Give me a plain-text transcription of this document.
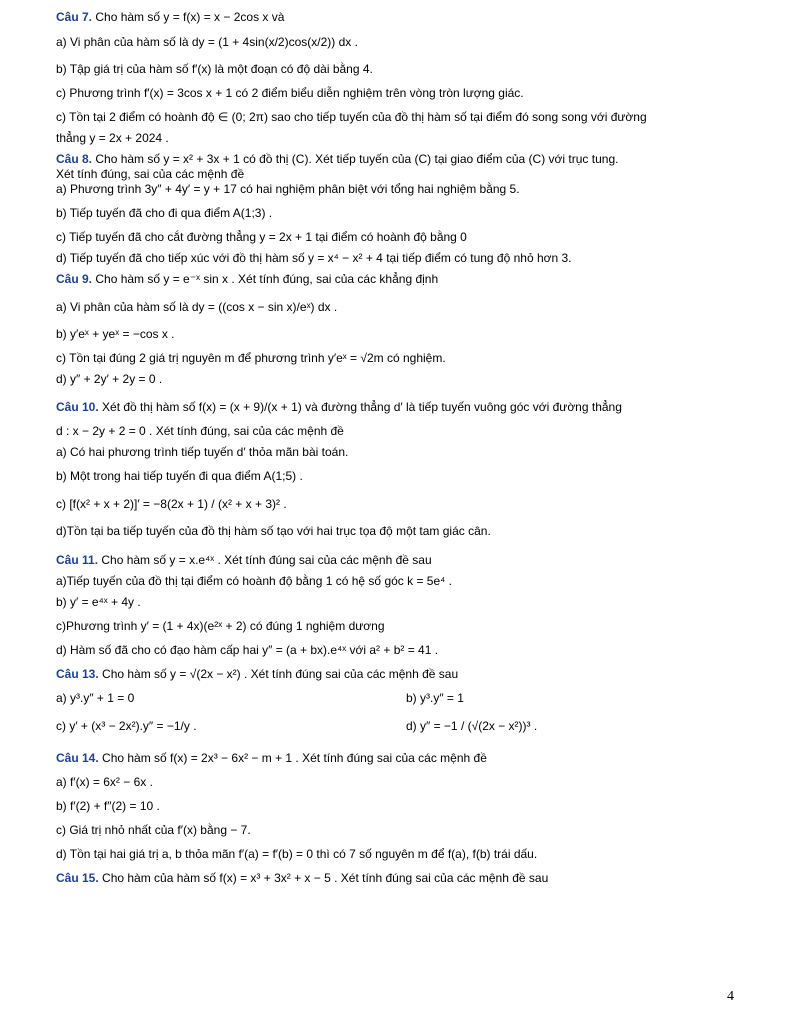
Câu 7. Cho hàm số y = f(x) = x − 2cos x và

a) Vi phân của hàm số là dy = (1 + 4sin(x/2)cos(x/2)) dx .

b) Tập giá trị của hàm số f′(x) là một đoạn có độ dài bằng 4.

c) Phương trình f′(x) = 3cos x + 1 có 2 điểm biểu diễn nghiệm trên vòng tròn lượng giác.

c) Tồn tại 2 điểm có hoành độ ∈ (0; 2π) sao cho tiếp tuyến của đồ thị hàm số tại điểm đó song song với đường

thẳng y = 2x + 2024 .

Câu 8. Cho hàm số y = x² + 3x + 1 có đồ thị (C). Xét tiếp tuyến của (C) tại giao điểm của (C) với trục tung.

Xét tính đúng, sai của các mệnh đề

a) Phương trình 3y″ + 4y′ = y + 17 có hai nghiệm phân biệt với tổng hai nghiệm bằng 5.

b) Tiếp tuyến đã cho đi qua điểm A(1;3) .

c) Tiếp tuyến đã cho cắt đường thẳng y = 2x + 1 tại điểm có hoành độ bằng 0

d) Tiếp tuyến đã cho tiếp xúc với đồ thị hàm số y = x⁴ − x² + 4 tại tiếp điểm có tung độ nhỏ hơn 3.

Câu 9. Cho hàm số y = e⁻ˣ sin x . Xét tính đúng, sai của các khẳng định

a) Vi phân của hàm số là dy = ((cos x − sin x)/eˣ) dx .

b) y′eˣ + yeˣ = −cos x .

c) Tồn tại đúng 2 giá trị nguyên m để phương trình y′eˣ = √2m có nghiệm.

d) y″ + 2y′ + 2y = 0 .

Câu 10. Xét đồ thị hàm số f(x) = (x + 9)/(x + 1) và đường thẳng d′ là tiếp tuyến vuông góc với đường thẳng

d : x − 2y + 2 = 0 . Xét tính đúng, sai của các mệnh đề

a) Có hai phương trình tiếp tuyến d′ thỏa mãn bài toán.

b) Một trong hai tiếp tuyến đi qua điểm A(1;5) .

c) [f(x² + x + 2)]′ = −8(2x + 1) / (x² + x + 3)² .

d)Tồn tại ba tiếp tuyến của đồ thị hàm số tạo với hai trục tọa độ một tam giác cân.

Câu 11. Cho hàm số y = x.e⁴ˣ . Xét tính đúng sai của các mệnh đề sau

a)Tiếp tuyến của đồ thị tại điểm có hoành độ bằng 1 có hệ số góc k = 5e⁴ .

b) y′ = e⁴ˣ + 4y .

c)Phương trình y′ = (1 + 4x)(e²ˣ + 2) có đúng 1 nghiệm dương

d) Hàm số đã cho có đạo hàm cấp hai y″ = (a + bx).e⁴ˣ với a² + b² = 41 .

Câu 13. Cho hàm số y = √(2x − x²) . Xét tính đúng sai của các mệnh đề sau

a) y³.y″ + 1 = 0	b) y³.y″ = 1

c) y′ + (x³ − 2x²).y″ = −1/y .	d) y″ = −1 / (√(2x − x²))³ .

Câu 14. Cho hàm số f(x) = 2x³ − 6x² − m + 1 . Xét tính đúng sai của các mệnh đề

a) f′(x) = 6x² − 6x .

b) f′(2) + f″(2) = 10 .

c) Giá trị nhỏ nhất của f′(x) bằng − 7.

d) Tồn tại hai giá trị a, b thỏa mãn f′(a) = f′(b) = 0 thì có 7 số nguyên m để f(a), f(b) trái dấu.

Câu 15. Cho hàm của hàm số f(x) = x³ + 3x² + x − 5 . Xét tính đúng sai của các mệnh đề sau

4
